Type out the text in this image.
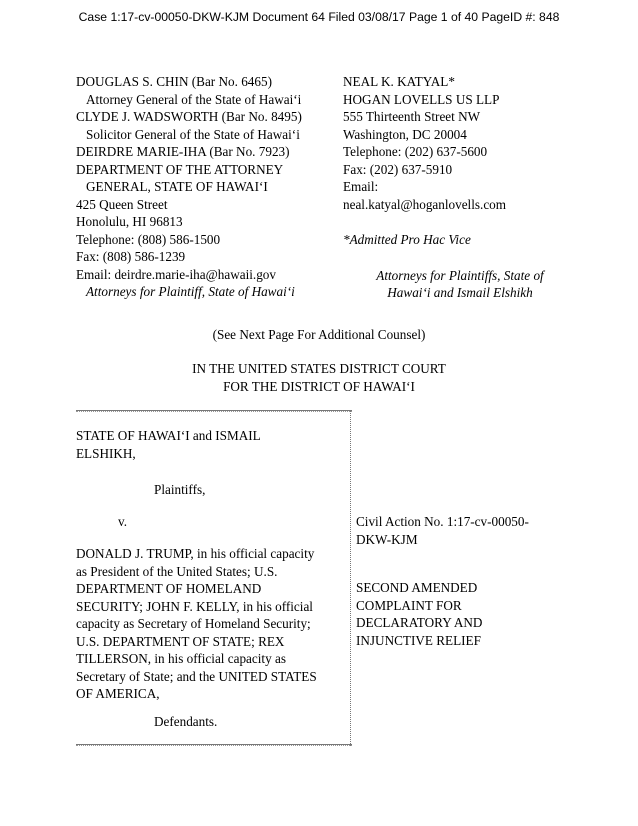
Case 1:17-cv-00050-DKW-KJM Document 64 Filed 03/08/17 Page 1 of 40 PageID #: 848
DOUGLAS S. CHIN (Bar No. 6465)
Attorney General of the State of Hawai‘i
CLYDE J. WADSWORTH (Bar No. 8495)
Solicitor General of the State of Hawai‘i
DEIRDRE MARIE-IHA (Bar No. 7923)
DEPARTMENT OF THE ATTORNEY
GENERAL, STATE OF HAWAI‘I
425 Queen Street
Honolulu, HI 96813
Telephone: (808) 586-1500
Fax: (808) 586-1239
Email: deirdre.marie-iha@hawaii.gov
Attorneys for Plaintiff, State of Hawai‘i
NEAL K. KATYAL*
HOGAN LOVELLS US LLP
555 Thirteenth Street NW
Washington, DC 20004
Telephone: (202) 637-5600
Fax: (202) 637-5910
Email:
neal.katyal@hoganlovells.com
*Admitted Pro Hac Vice
Attorneys for Plaintiffs, State of
Hawai‘i and Ismail Elshikh
(See Next Page For Additional Counsel)
IN THE UNITED STATES DISTRICT COURT
FOR THE DISTRICT OF HAWAI‘I
STATE OF HAWAI‘I and ISMAIL
ELSHIKH,
Plaintiffs,
v.
DONALD J. TRUMP, in his official capacity
as President of the United States; U.S.
DEPARTMENT OF HOMELAND
SECURITY; JOHN F. KELLY, in his official
capacity as Secretary of Homeland Security;
U.S. DEPARTMENT OF STATE; REX
TILLERSON, in his official capacity as
Secretary of State; and the UNITED STATES
OF AMERICA,
Defendants.
Civil Action No. 1:17-cv-00050-
DKW-KJM
SECOND AMENDED
COMPLAINT FOR
DECLARATORY AND
INJUNCTIVE RELIEF
